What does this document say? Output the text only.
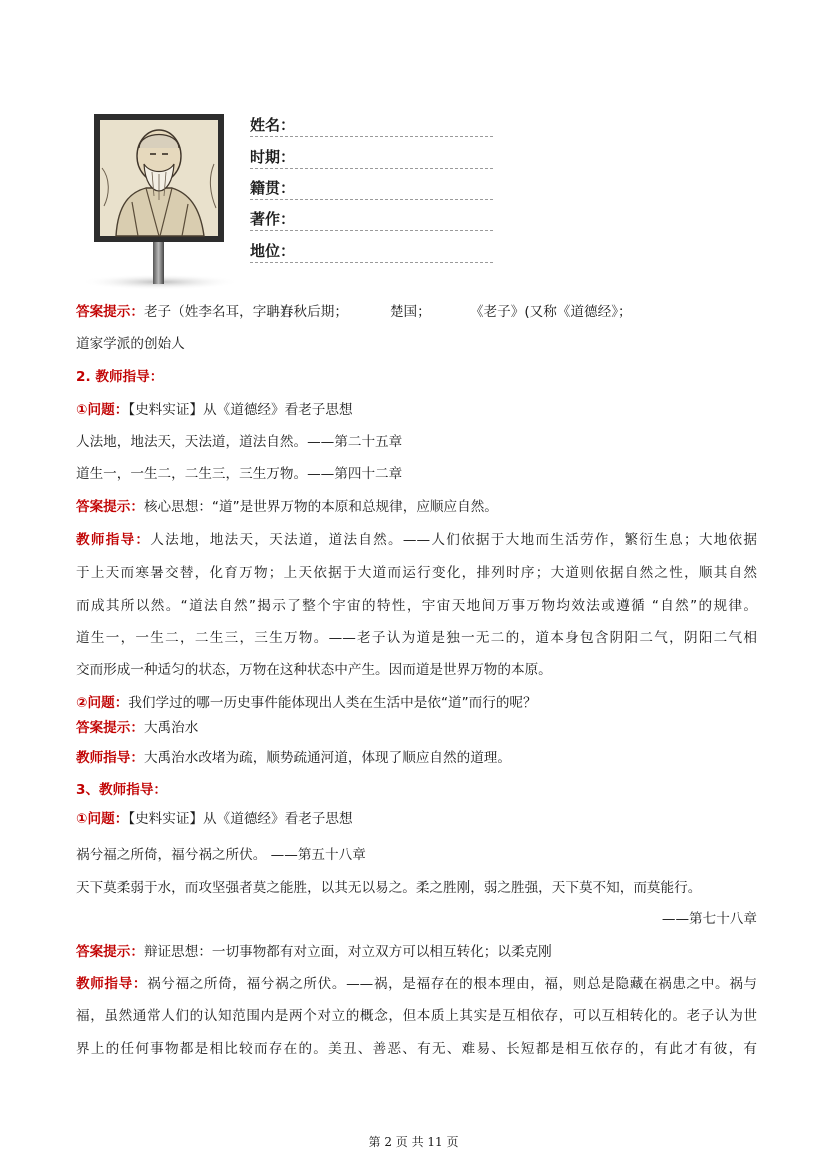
姓名：
时期：
籍贯：
著作：
地位：
答案提示：老子（姓李名耳，字聃）；春秋后期；	楚国；	《老子》(又称《道德经》；
道家学派的创始人
2. 教师指导：
①问题：【史料实证】从《道德经》看老子思想
人法地，地法天，天法道，道法自然。——第二十五章
道生一，一生二，二生三，三生万物。——第四十二章
答案提示：核心思想：“道”是世界万物的本原和总规律，应顺应自然。
教师指导：人法地，地法天，天法道，道法自然。——人们依据于大地而生活劳作，繁衍生息；大地依据
于上天而寒暑交替，化育万物；上天依据于大道而运行变化，排列时序；大道则依据自然之性，顺其自然
而成其所以然。“道法自然”揭示了整个宇宙的特性，宇宙天地间万事万物均效法或遵循 “自然”的规律。
道生一，一生二，二生三，三生万物。——老子认为道是独一无二的，道本身包含阴阳二气，阴阳二气相
交而形成一种适匀的状态，万物在这种状态中产生。因而道是世界万物的本原。
②问题：我们学过的哪一历史事件能体现出人类在生活中是依“道”而行的呢？
答案提示：大禹治水
教师指导：大禹治水改堵为疏，顺势疏通河道，体现了顺应自然的道理。
3、教师指导：
①问题：【史料实证】从《道德经》看老子思想
祸兮福之所倚，福兮祸之所伏。 ——第五十八章
天下莫柔弱于水，而攻坚强者莫之能胜，以其无以易之。柔之胜刚，弱之胜强，天下莫不知，而莫能行。
——第七十八章
答案提示：辩证思想：一切事物都有对立面，对立双方可以相互转化；以柔克刚
教师指导：祸兮福之所倚，福兮祸之所伏。——祸，是福存在的根本理由，福，则总是隐藏在祸患之中。祸与
福，虽然通常人们的认知范围内是两个对立的概念，但本质上其实是互相依存，可以互相转化的。老子认为世
界上的任何事物都是相比较而存在的。美丑、善恶、有无、难易、长短都是相互依存的，有此才有彼，有
第 2 页 共 11 页
